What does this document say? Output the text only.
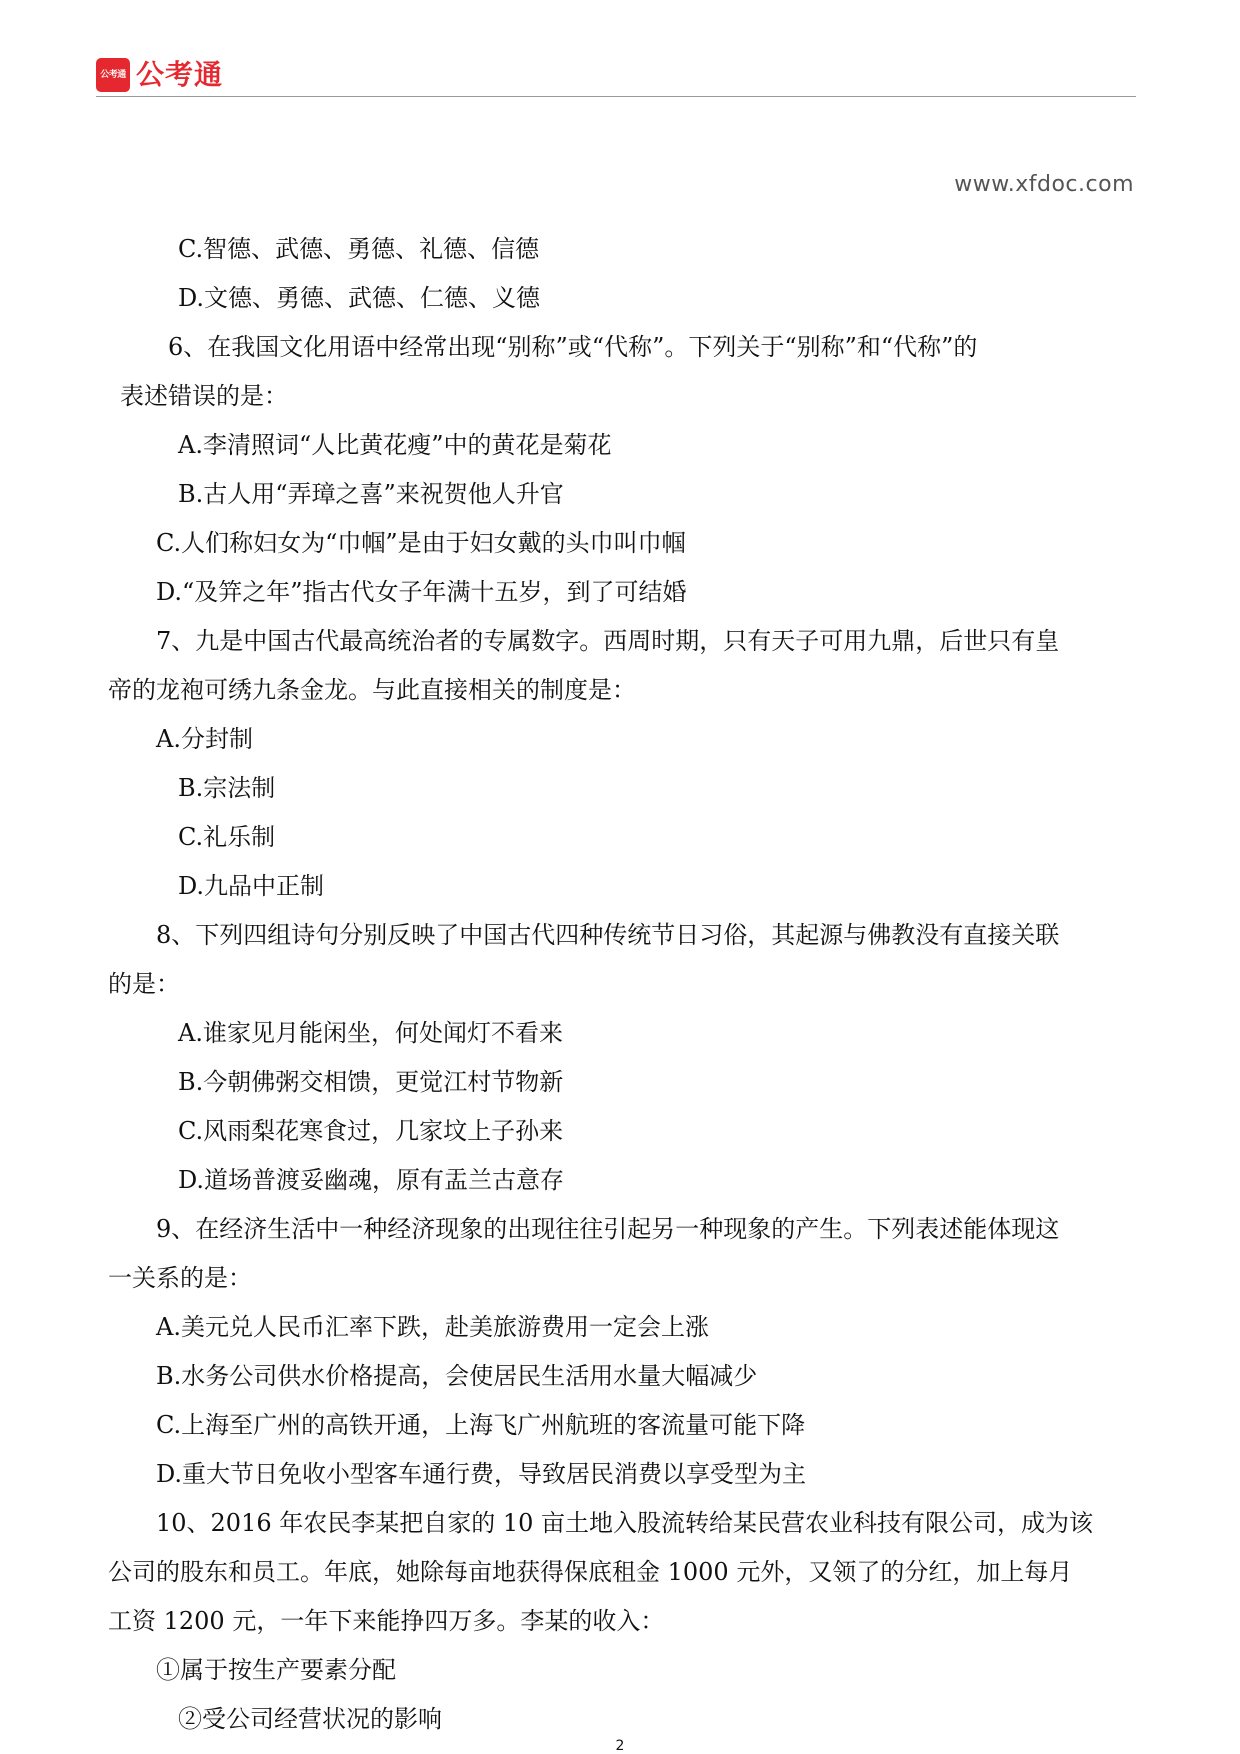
公考通 公考通
www.xfdoc.com
C.智德、武德、勇德、礼德、信德
D.文德、勇德、武德、仁德、义德
6、在我国文化用语中经常出现“别称”或“代称”。下列关于“别称”和“代称”的
表述错误的是：
A.李清照词“人比黄花瘦”中的黄花是菊花
B.古人用“弄璋之喜”来祝贺他人升官
C.人们称妇女为“巾帼”是由于妇女戴的头巾叫巾帼
D.“及笄之年”指古代女子年满十五岁，到了可结婚
7、九是中国古代最高统治者的专属数字。西周时期，只有天子可用九鼎，后世只有皇
帝的龙袍可绣九条金龙。与此直接相关的制度是：
A.分封制
B.宗法制
C.礼乐制
D.九品中正制
8、下列四组诗句分别反映了中国古代四种传统节日习俗，其起源与佛教没有直接关联
的是：
A.谁家见月能闲坐，何处闻灯不看来
B.今朝佛粥交相馈，更觉江村节物新
C.风雨梨花寒食过，几家坟上子孙来
D.道场普渡妥幽魂，原有盂兰古意存
9、在经济生活中一种经济现象的出现往往引起另一种现象的产生。下列表述能体现这
一关系的是：
A.美元兑人民币汇率下跌，赴美旅游费用一定会上涨
B.水务公司供水价格提高，会使居民生活用水量大幅减少
C.上海至广州的高铁开通，上海飞广州航班的客流量可能下降
D.重大节日免收小型客车通行费，导致居民消费以享受型为主
10、2016 年农民李某把自家的 10 亩土地入股流转给某民营农业科技有限公司，成为该
公司的股东和员工。年底，她除每亩地获得保底租金 1000 元外，又领了的分红，加上每月
工资 1200 元，一年下来能挣四万多。李某的收入：
①属于按生产要素分配
②受公司经营状况的影响
2
